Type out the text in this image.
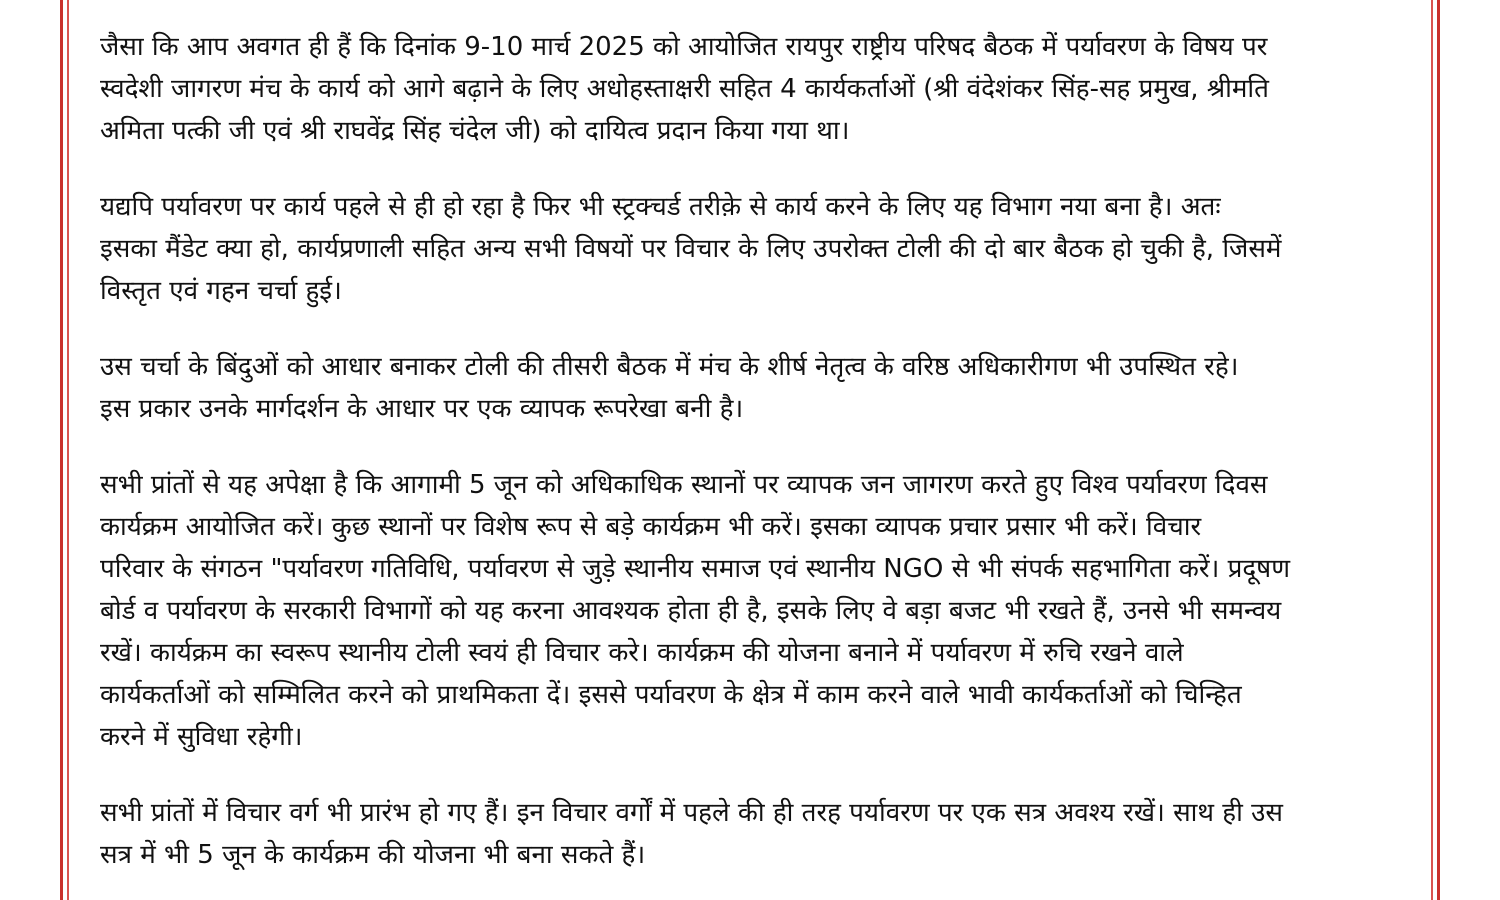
जैसा कि आप अवगत ही हैं कि दिनांक 9-10 मार्च 2025 को आयोजित रायपुर राष्ट्रीय परिषद बैठक में पर्यावरण के विषय पर
स्वदेशी जागरण मंच के कार्य को आगे बढ़ाने के लिए अधोहस्ताक्षरी सहित 4 कार्यकर्ताओं (श्री वंदेशंकर सिंह-सह प्रमुख, श्रीमति
अमिता पत्की जी एवं श्री राघवेंद्र सिंह चंदेल जी) को दायित्व प्रदान किया गया था।

यद्यपि पर्यावरण पर कार्य पहले से ही हो रहा है फिर भी स्ट्रक्चर्ड तरीक़े से कार्य करने के लिए यह विभाग नया बना है। अतः
इसका मैंडेट क्या हो, कार्यप्रणाली सहित अन्य सभी विषयों पर विचार के लिए उपरोक्त टोली की दो बार बैठक हो चुकी है, जिसमें
विस्तृत एवं गहन चर्चा हुई।

उस चर्चा के बिंदुओं को आधार बनाकर टोली की तीसरी बैठक में मंच के शीर्ष नेतृत्व के वरिष्ठ अधिकारीगण भी उपस्थित रहे।
इस प्रकार उनके मार्गदर्शन के आधार पर एक व्यापक रूपरेखा बनी है।

सभी प्रांतों से यह अपेक्षा है कि आगामी 5 जून को अधिकाधिक स्थानों पर व्यापक जन जागरण करते हुए विश्व पर्यावरण दिवस
कार्यक्रम आयोजित करें। कुछ स्थानों पर विशेष रूप से बड़े कार्यक्रम भी करें। इसका व्यापक प्रचार प्रसार भी करें। विचार
परिवार के संगठन "पर्यावरण गतिविधि, पर्यावरण से जुड़े स्थानीय समाज एवं स्थानीय NGO से भी संपर्क सहभागिता करें। प्रदूषण
बोर्ड व पर्यावरण के सरकारी विभागों को यह करना आवश्यक होता ही है, इसके लिए वे बड़ा बजट भी रखते हैं, उनसे भी समन्वय
रखें। कार्यक्रम का स्वरूप स्थानीय टोली स्वयं ही विचार करे। कार्यक्रम की योजना बनाने में पर्यावरण में रुचि रखने वाले
कार्यकर्ताओं को सम्मिलित करने को प्राथमिकता दें। इससे पर्यावरण के क्षेत्र में काम करने वाले भावी कार्यकर्ताओं को चिन्हित
करने में सुविधा रहेगी।

सभी प्रांतों में विचार वर्ग भी प्रारंभ हो गए हैं। इन विचार वर्गों में पहले की ही तरह पर्यावरण पर एक सत्र अवश्य रखें। साथ ही उस
सत्र में भी 5 जून के कार्यक्रम की योजना भी बना सकते हैं।
